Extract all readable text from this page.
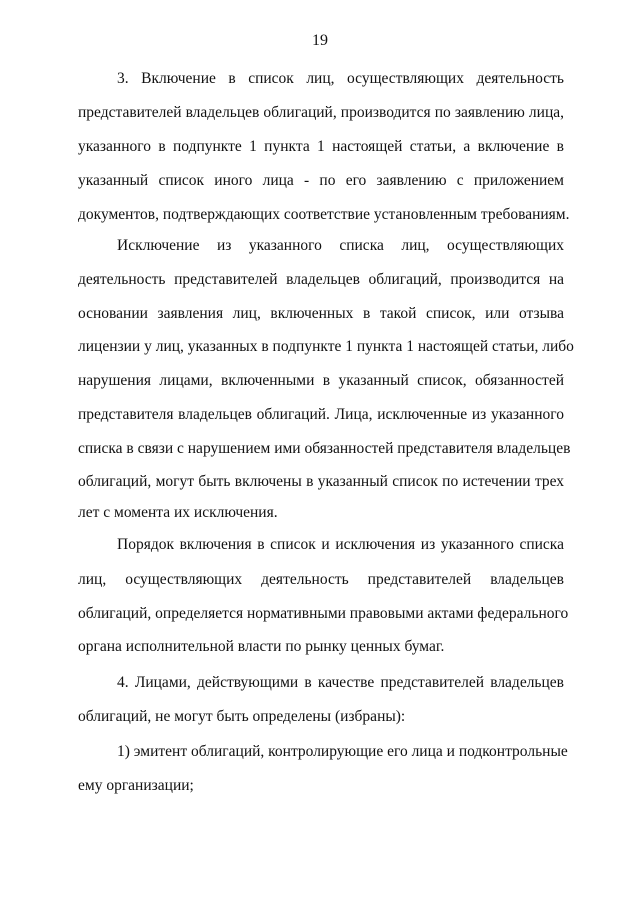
19
3. Включение в список лиц, осуществляющих деятельность
представителей владельцев облигаций, производится по заявлению лица,
указанного в подпункте 1 пункта 1 настоящей статьи, а включение в
указанный список иного лица - по его заявлению с приложением
документов, подтверждающих соответствие установленным требованиям.
Исключение из указанного списка лиц, осуществляющих
деятельность представителей владельцев облигаций, производится на
основании заявления лиц, включенных в такой список, или отзыва
лицензии у лиц, указанных в подпункте 1 пункта 1 настоящей статьи, либо
нарушения лицами, включенными в указанный список, обязанностей
представителя владельцев облигаций. Лица, исключенные из указанного
списка в связи с нарушением ими обязанностей представителя владельцев
облигаций, могут быть включены в указанный список по истечении трех
лет с момента их исключения.
Порядок включения в список и исключения из указанного списка
лиц, осуществляющих деятельность представителей владельцев
облигаций, определяется нормативными правовыми актами федерального
органа исполнительной власти по рынку ценных бумаг.
4. Лицами, действующими в качестве представителей владельцев
облигаций, не могут быть определены (избраны):
1) эмитент облигаций, контролирующие его лица и подконтрольные
ему организации;
